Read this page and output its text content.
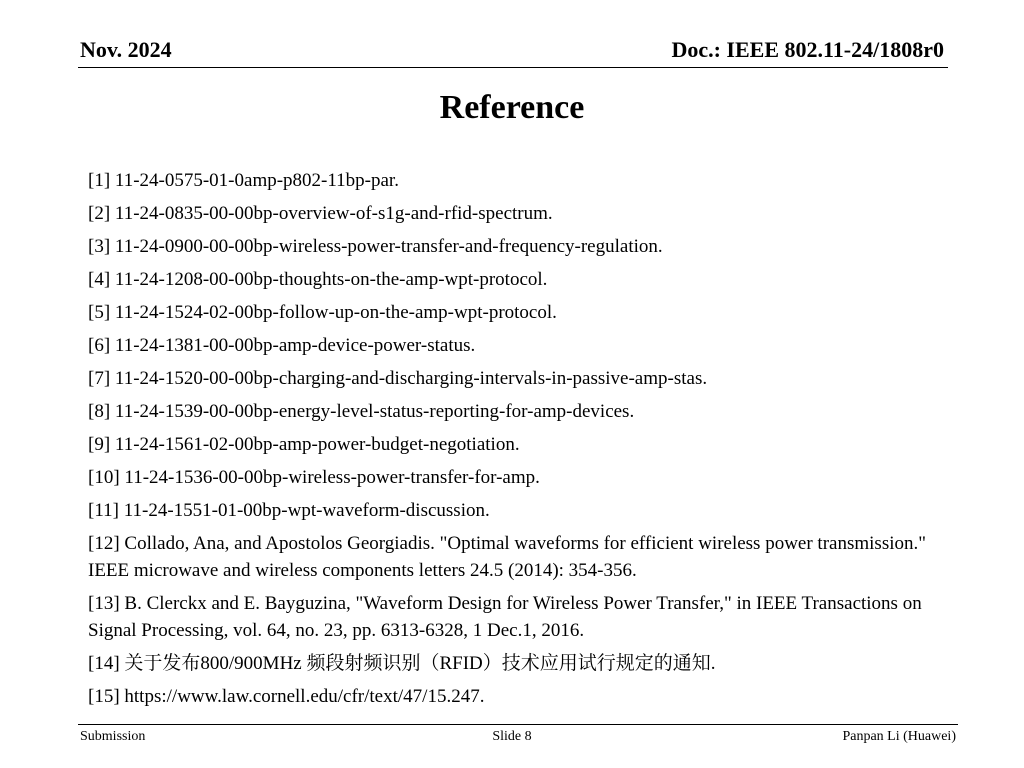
Nov. 2024	Doc.: IEEE 802.11-24/1808r0
Reference
[1] 11-24-0575-01-0amp-p802-11bp-par.
[2] 11-24-0835-00-00bp-overview-of-s1g-and-rfid-spectrum.
[3] 11-24-0900-00-00bp-wireless-power-transfer-and-frequency-regulation.
[4] 11-24-1208-00-00bp-thoughts-on-the-amp-wpt-protocol.
[5] 11-24-1524-02-00bp-follow-up-on-the-amp-wpt-protocol.
[6] 11-24-1381-00-00bp-amp-device-power-status.
[7] 11-24-1520-00-00bp-charging-and-discharging-intervals-in-passive-amp-stas.
[8] 11-24-1539-00-00bp-energy-level-status-reporting-for-amp-devices.
[9] 11-24-1561-02-00bp-amp-power-budget-negotiation.
[10] 11-24-1536-00-00bp-wireless-power-transfer-for-amp.
[11] 11-24-1551-01-00bp-wpt-waveform-discussion.
[12] Collado, Ana, and Apostolos Georgiadis. "Optimal waveforms for efficient wireless power transmission." IEEE microwave and wireless components letters 24.5 (2014): 354-356.
[13] B. Clerckx and E. Bayguzina, "Waveform Design for Wireless Power Transfer," in IEEE Transactions on Signal Processing, vol. 64, no. 23, pp. 6313-6328, 1 Dec.1, 2016.
[14] 关于发布800/900MHz 频段射频识别（RFID）技术应用试行规定的通知.
[15] https://www.law.cornell.edu/cfr/text/47/15.247.
Submission	Slide 8	Panpan Li (Huawei)
